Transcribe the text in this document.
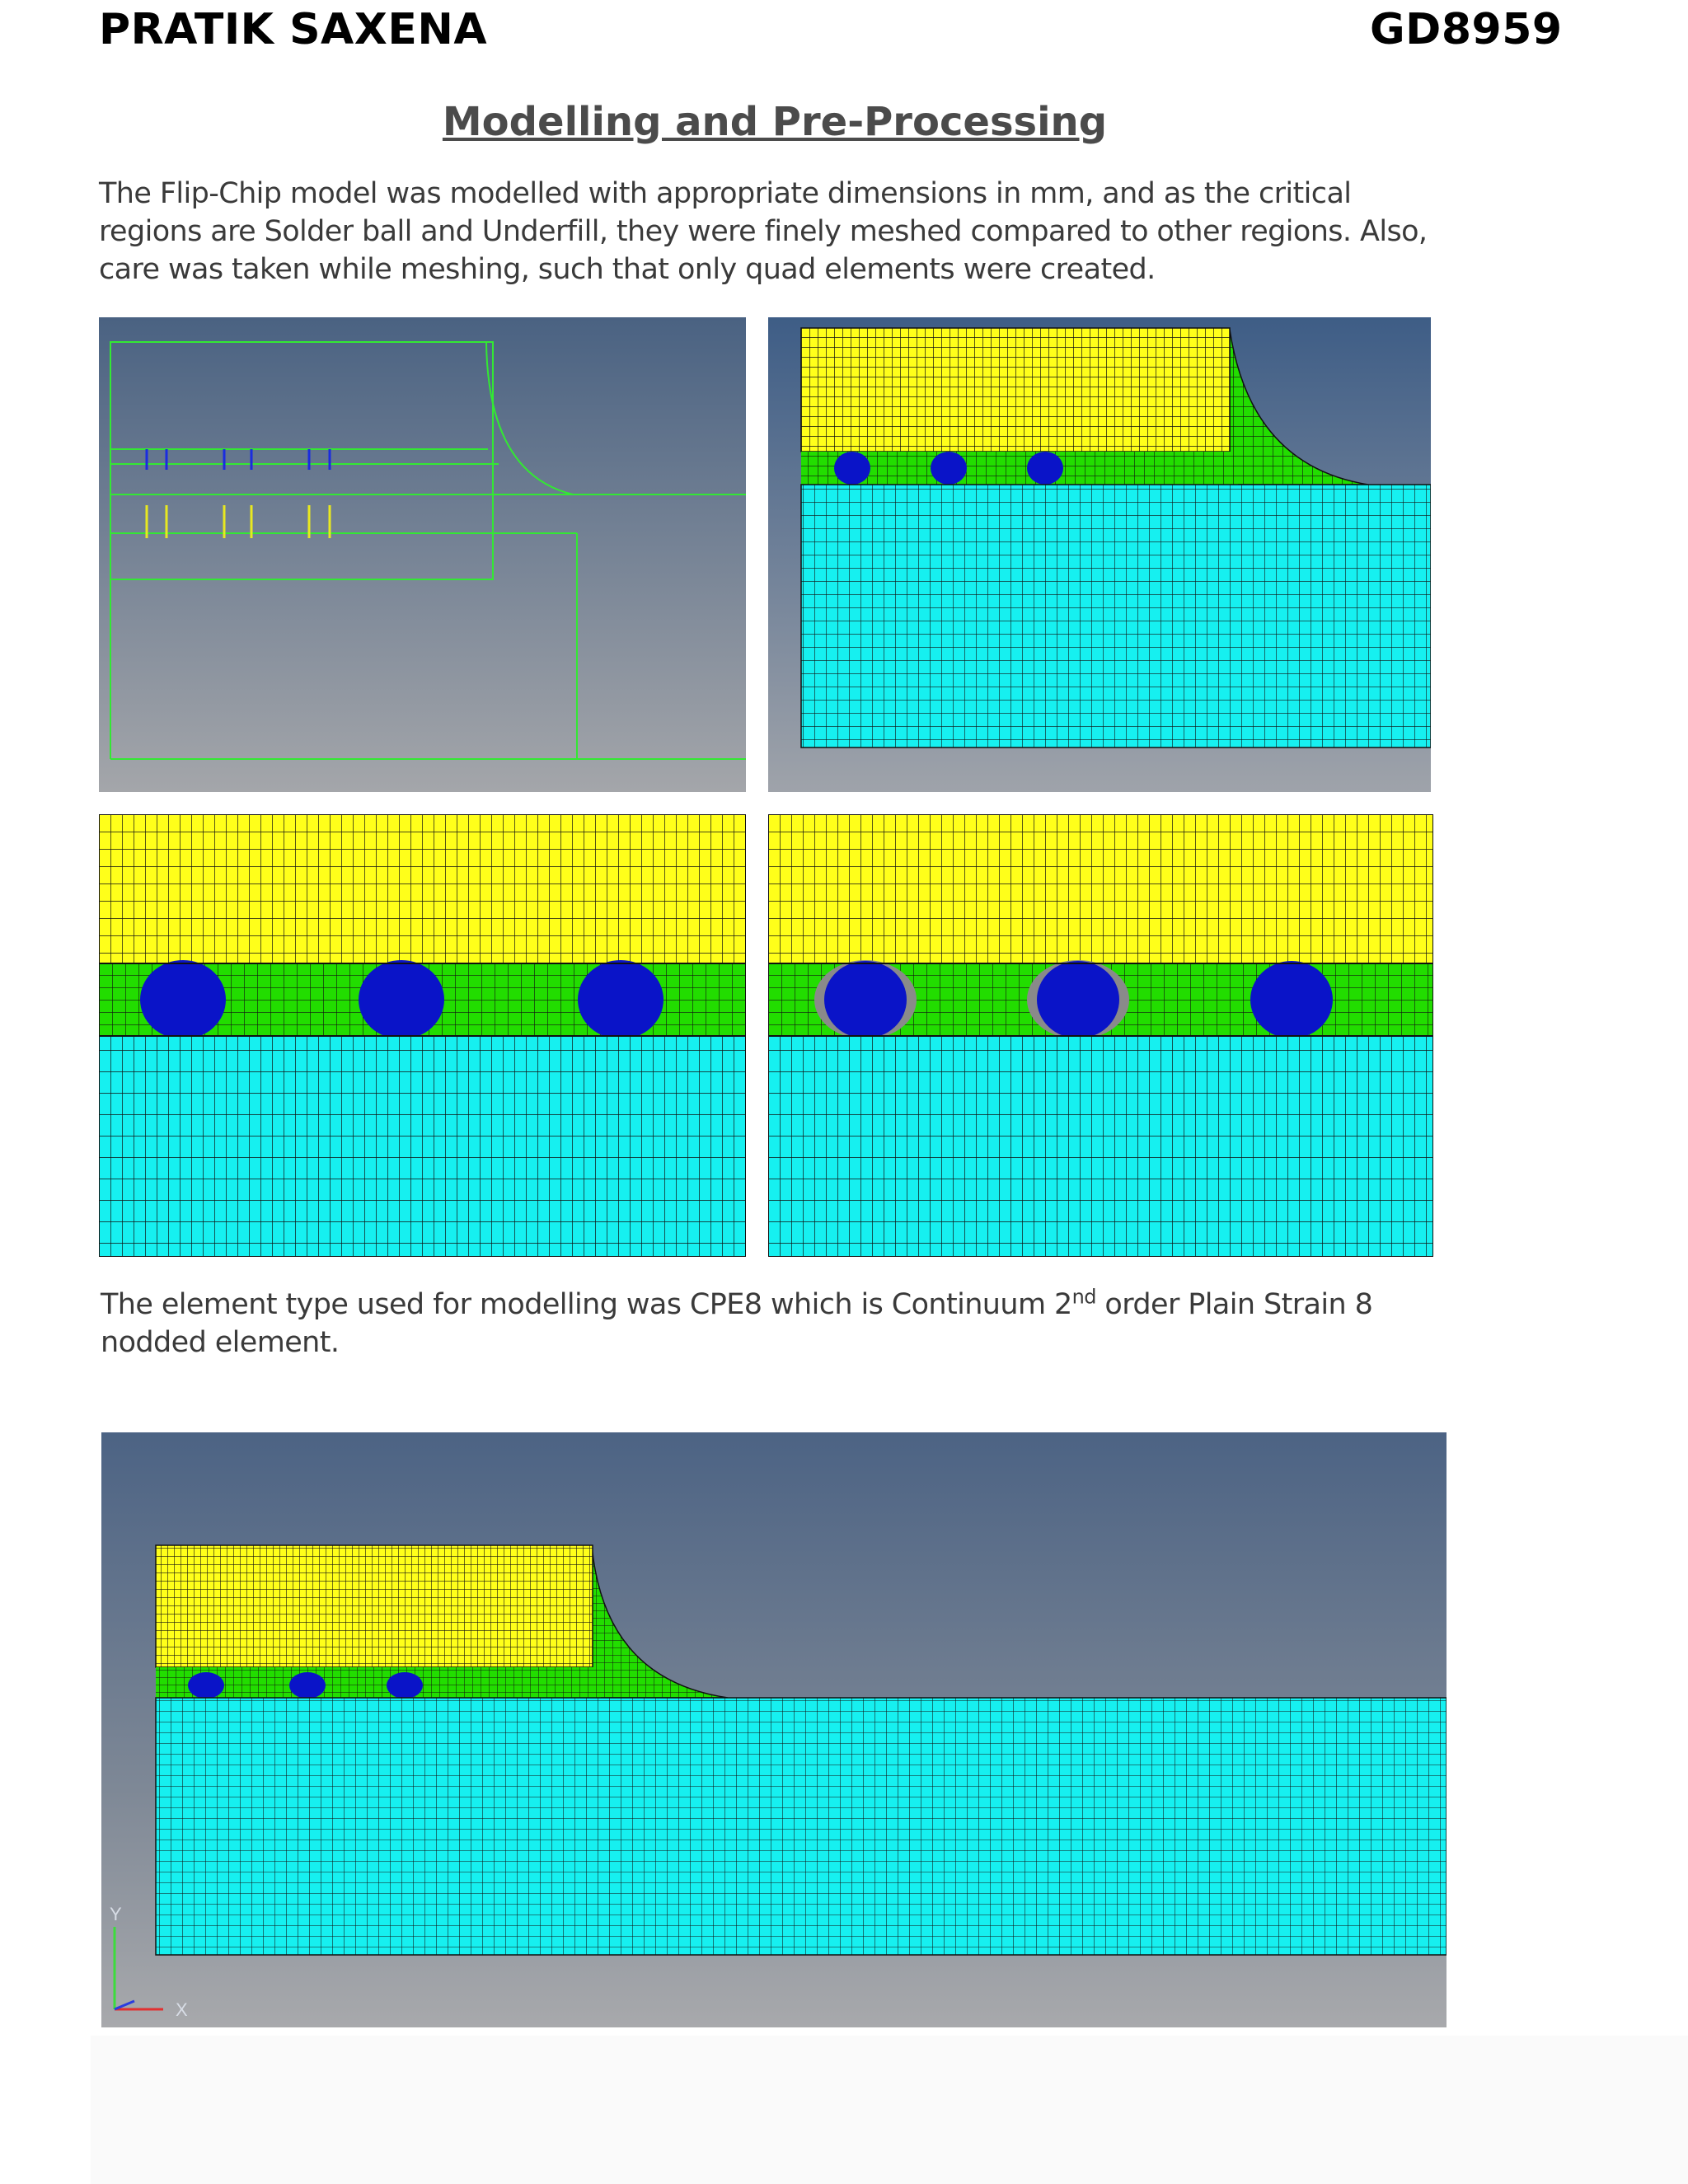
PRATIK SAXENA	GD8959
Modelling and Pre-Processing
The Flip-Chip model was modelled with appropriate dimensions in mm, and as the critical regions are Solder ball and Underfill, they were finely meshed compared to other regions. Also, care was taken while meshing, such that only quad elements were created.
The element type used for modelling was CPE8 which is Continuum 2nd order Plain Strain 8 nodded element.
Y
X
